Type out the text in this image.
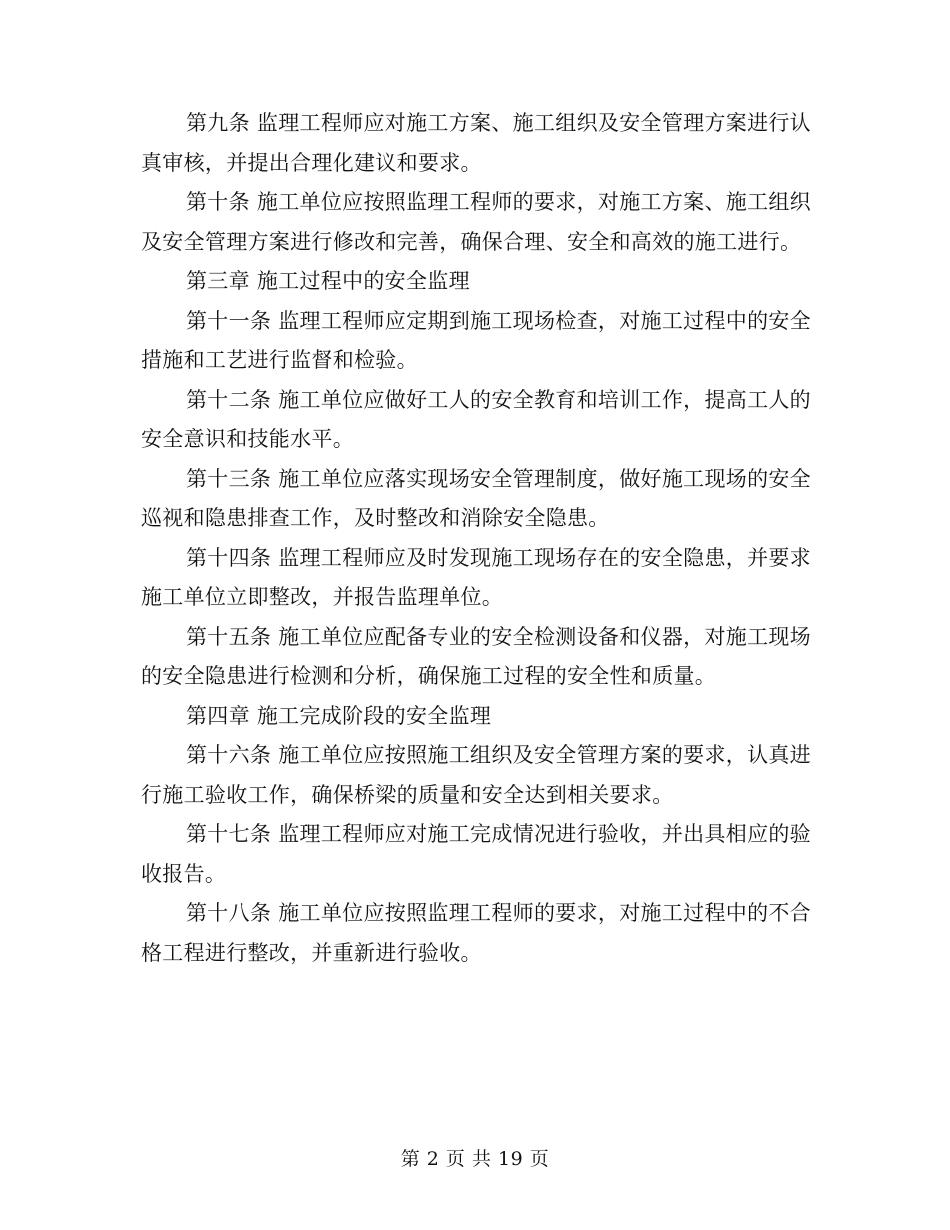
第九条 监理工程师应对施工方案、施工组织及安全管理方案进行认真审核，并提出合理化建议和要求。

第十条 施工单位应按照监理工程师的要求，对施工方案、施工组织及安全管理方案进行修改和完善，确保合理、安全和高效的施工进行。

第三章 施工过程中的安全监理

第十一条 监理工程师应定期到施工现场检查，对施工过程中的安全措施和工艺进行监督和检验。

第十二条 施工单位应做好工人的安全教育和培训工作，提高工人的安全意识和技能水平。

第十三条 施工单位应落实现场安全管理制度，做好施工现场的安全巡视和隐患排查工作，及时整改和消除安全隐患。

第十四条 监理工程师应及时发现施工现场存在的安全隐患，并要求施工单位立即整改，并报告监理单位。

第十五条 施工单位应配备专业的安全检测设备和仪器，对施工现场的安全隐患进行检测和分析，确保施工过程的安全性和质量。

第四章 施工完成阶段的安全监理

第十六条 施工单位应按照施工组织及安全管理方案的要求，认真进行施工验收工作，确保桥梁的质量和安全达到相关要求。

第十七条 监理工程师应对施工完成情况进行验收，并出具相应的验收报告。

第十八条 施工单位应按照监理工程师的要求，对施工过程中的不合格工程进行整改，并重新进行验收。

第 2 页 共 19 页
